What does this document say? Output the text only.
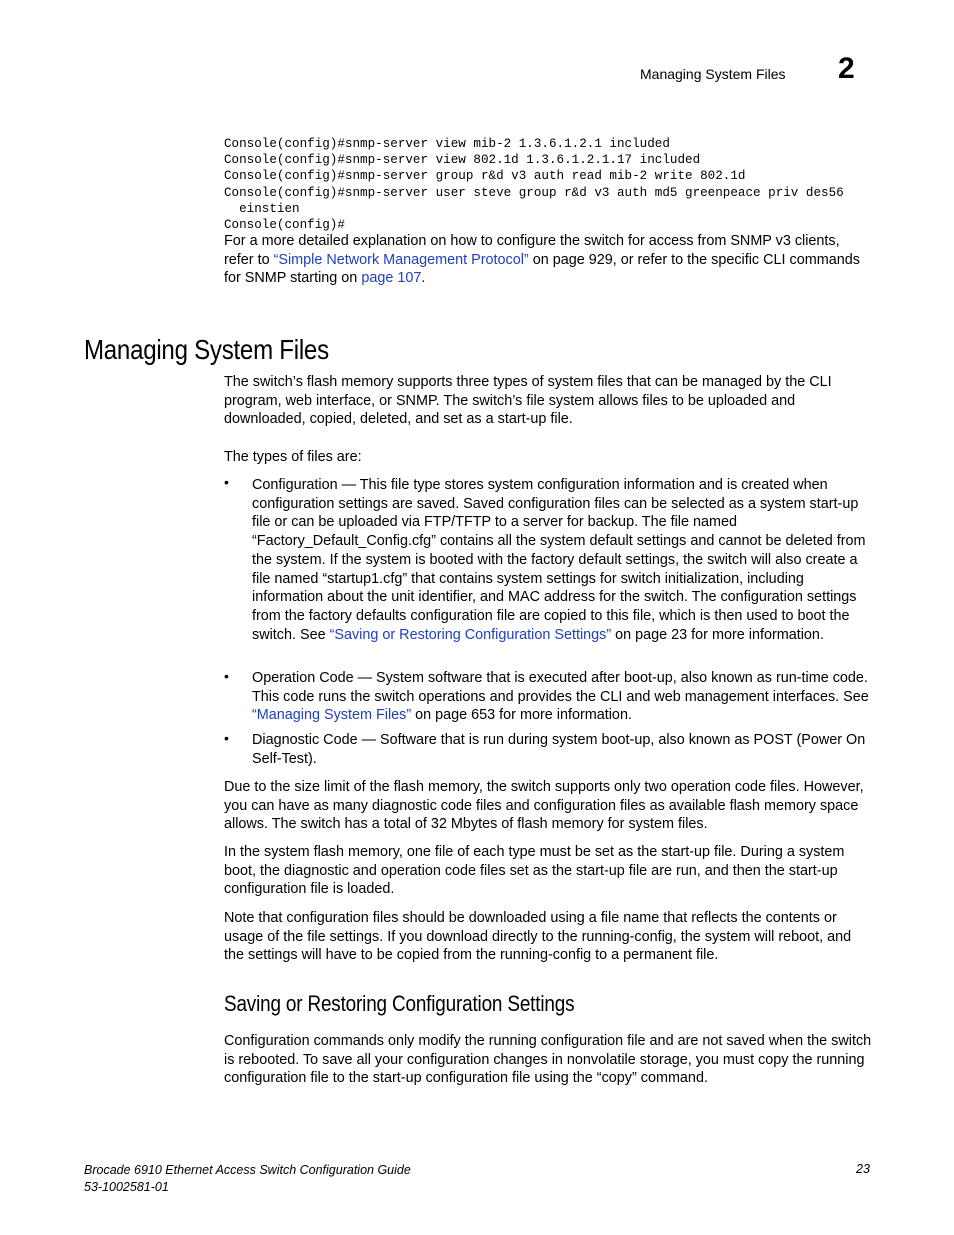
Managing System Files 2
Console(config)#snmp-server view mib-2 1.3.6.1.2.1 included
Console(config)#snmp-server view 802.1d 1.3.6.1.2.1.17 included
Console(config)#snmp-server group r&d v3 auth read mib-2 write 802.1d
Console(config)#snmp-server user steve group r&d v3 auth md5 greenpeace priv des56
einstien
Console(config)#

For a more detailed explanation on how to configure the switch for access from SNMP v3 clients, refer to “Simple Network Management Protocol” on page 929, or refer to the specific CLI commands for SNMP starting on page 107.

Managing System Files

The switch’s flash memory supports three types of system files that can be managed by the CLI program, web interface, or SNMP. The switch’s file system allows files to be uploaded and downloaded, copied, deleted, and set as a start-up file.

The types of files are:

• Configuration — This file type stores system configuration information and is created when configuration settings are saved. Saved configuration files can be selected as a system start-up file or can be uploaded via FTP/TFTP to a server for backup. The file named “Factory_Default_Config.cfg” contains all the system default settings and cannot be deleted from the system. If the system is booted with the factory default settings, the switch will also create a file named “startup1.cfg” that contains system settings for switch initialization, including information about the unit identifier, and MAC address for the switch. The configuration settings from the factory defaults configuration file are copied to this file, which is then used to boot the switch. See “Saving or Restoring Configuration Settings” on page 23 for more information.

• Operation Code — System software that is executed after boot-up, also known as run-time code. This code runs the switch operations and provides the CLI and web management interfaces. See “Managing System Files” on page 653 for more information.

• Diagnostic Code — Software that is run during system boot-up, also known as POST (Power On Self-Test).

Due to the size limit of the flash memory, the switch supports only two operation code files. However, you can have as many diagnostic code files and configuration files as available flash memory space allows. The switch has a total of 32 Mbytes of flash memory for system files.

In the system flash memory, one file of each type must be set as the start-up file. During a system boot, the diagnostic and operation code files set as the start-up file are run, and then the start-up configuration file is loaded.

Note that configuration files should be downloaded using a file name that reflects the contents or usage of the file settings. If you download directly to the running-config, the system will reboot, and the settings will have to be copied from the running-config to a permanent file.

Saving or Restoring Configuration Settings

Configuration commands only modify the running configuration file and are not saved when the switch is rebooted. To save all your configuration changes in nonvolatile storage, you must copy the running configuration file to the start-up configuration file using the “copy” command.

Brocade 6910 Ethernet Access Switch Configuration Guide
53-1002581-01
23
